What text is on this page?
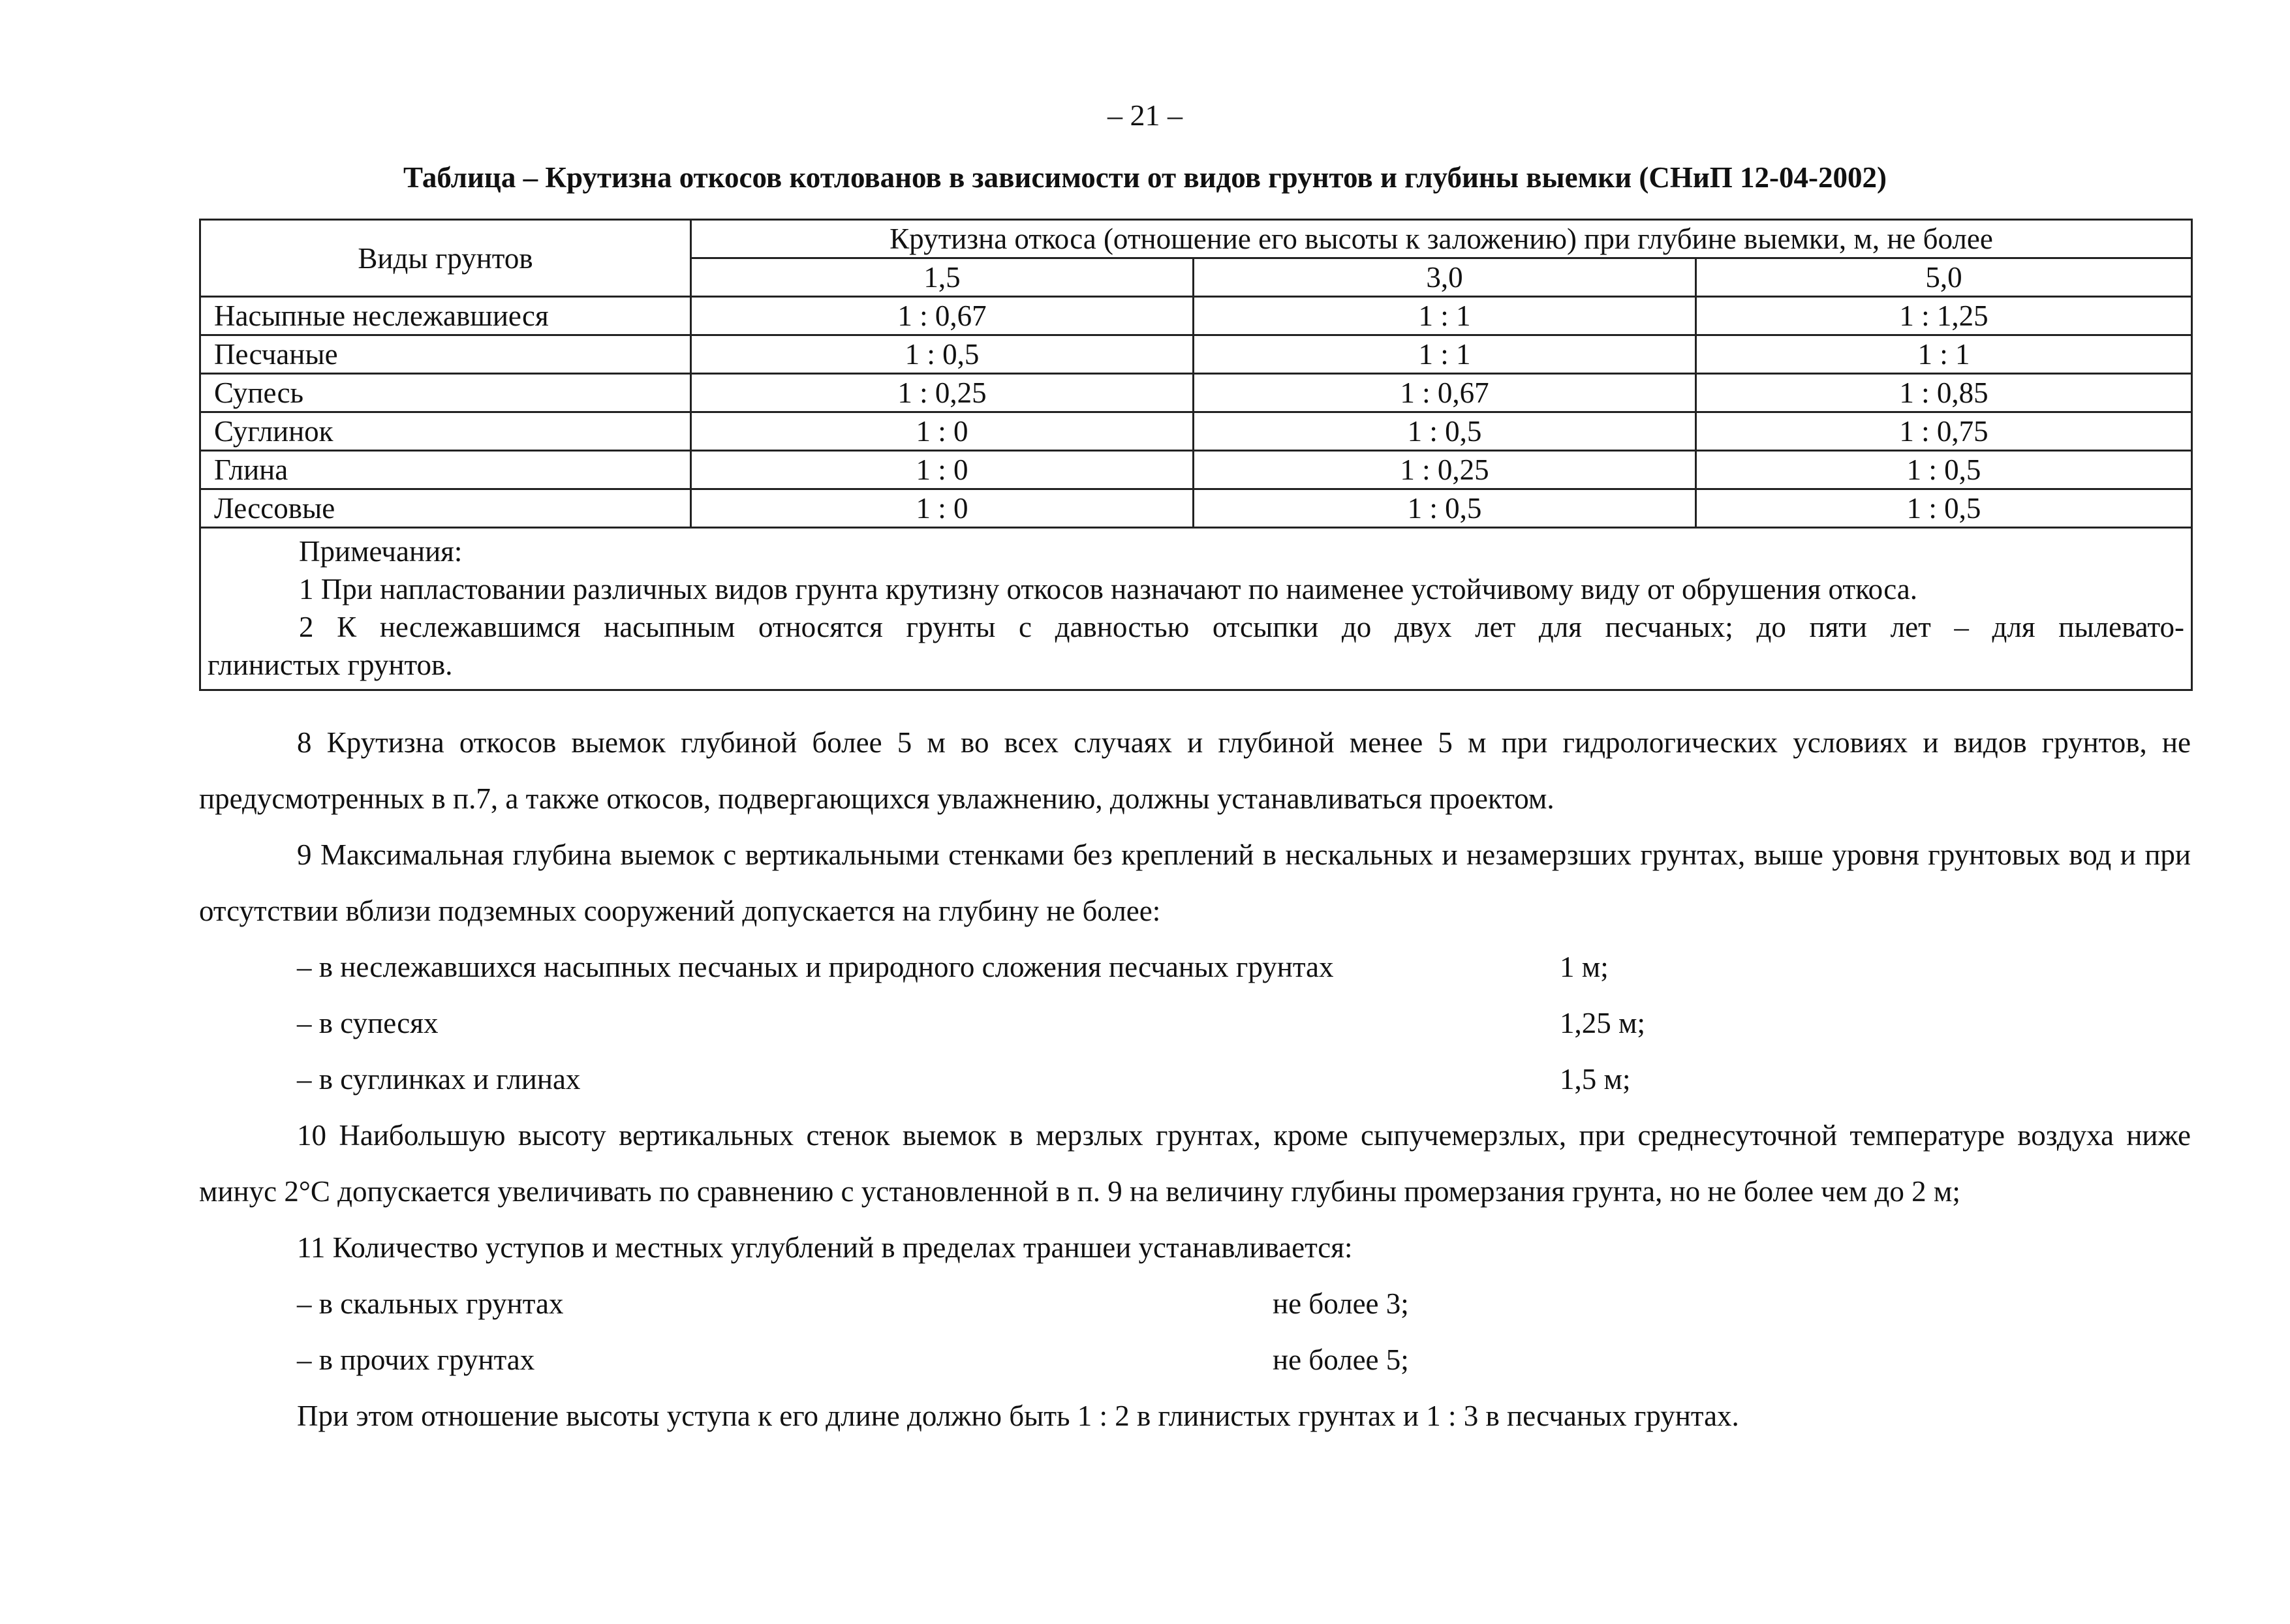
– 21 –
Таблица – Крутизна откосов котлованов в зависимости от видов грунтов и глубины выемки (СНиП 12-04-2002)
Виды грунтов	Крутизна откоса (отношение его высоты к заложению) при глубине выемки, м, не более		
	1,5	3,0	5,0
Насыпные неслежавшиеся	1 : 0,67	1 : 1	1 : 1,25
Песчаные	1 : 0,5	1 : 1	1 : 1
Супесь	1 : 0,25	1 : 0,67	1 : 0,85
Суглинок	1 : 0	1 : 0,5	1 : 0,75
Глина	1 : 0	1 : 0,25	1 : 0,5
Лессовые	1 : 0	1 : 0,5	1 : 0,5

Примечания:
1 При напластовании различных видов грунта крутизну откосов назначают по наименее устойчивому виду от обрушения откоса.
2 К неслежавшимся насыпным относятся грунты с давностью отсыпки до двух лет для песчаных; до пяти лет – для пылевато-
глинистых грунтов.			

8 Крутизна откосов выемок глубиной более 5 м во всех случаях и глубиной менее 5 м при гидрологических условиях и видов грунтов, не предусмотренных в п.7, а также откосов, подвергающихся увлажнению, должны устанавливаться проектом.

9 Максимальная глубина выемок с вертикальными стенками без креплений в нескальных и незамерзших грунтах, выше уровня грунтовых вод и при отсутствии вблизи подземных сооружений допускается на глубину не более:

– в неслежавшихся насыпных песчаных и природного сложения песчаных грунтах	1 м;
– в супесях	1,25 м;
– в суглинках и глинах	1,5 м;

10 Наибольшую высоту вертикальных стенок выемок в мерзлых грунтах, кроме сыпучемерзлых, при среднесуточной температуре воздуха ниже минус 2°С допускается увеличивать по сравнению с установленной в п. 9 на величину глубины промерзания грунта, но не более чем до 2 м;

11 Количество уступов и местных углублений в пределах траншеи устанавливается:

– в скальных грунтах	не более 3;
– в прочих грунтах	не более 5;

При этом отношение высоты уступа к его длине должно быть 1 : 2 в глинистых грунтах и 1 : 3 в песчаных грунтах.
